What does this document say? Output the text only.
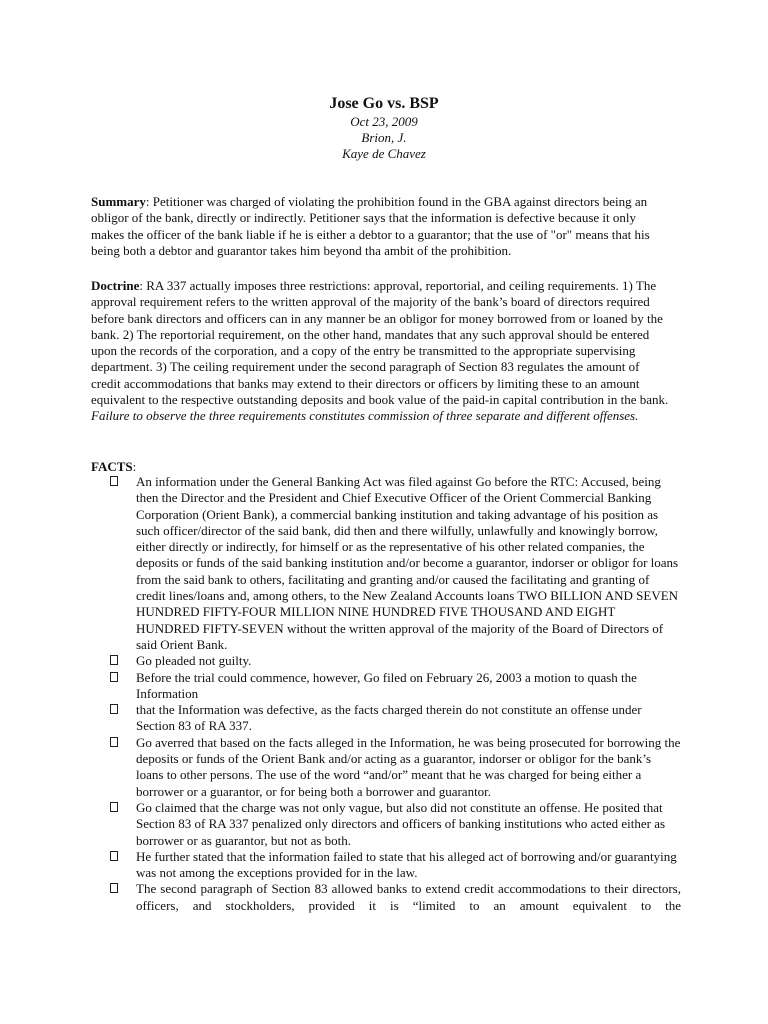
Jose Go vs. BSP
Oct 23, 2009
Brion, J.
Kaye de Chavez

Summary: Petitioner was charged of violating the prohibition found in the GBA against directors being an obligor of the bank, directly or indirectly. Petitioner says that the information is defective because it only makes the officer of the bank liable if he is either a debtor to a guarantor; that the use of "or" means that his being both a debtor and guarantor takes him beyond tha ambit of the prohibition.

Doctrine: RA 337 actually imposes three restrictions: approval, reportorial, and ceiling requirements. 1) The approval requirement refers to the written approval of the majority of the bank’s board of directors required before bank directors and officers can in any manner be an obligor for money borrowed from or loaned by the bank. 2) The reportorial requirement, on the other hand, mandates that any such approval should be entered upon the records of the corporation, and a copy of the entry be transmitted to the appropriate supervising department. 3) The ceiling requirement under the second paragraph of Section 83 regulates the amount of credit accommodations that banks may extend to their directors or officers by limiting these to an amount equivalent to the respective outstanding deposits and book value of the paid-in capital contribution in the bank. Failure to observe the three requirements constitutes commission of three separate and different offenses.

FACTS:
An information under the General Banking Act was filed against Go before the RTC: Accused, being then the Director and the President and Chief Executive Officer of the Orient Commercial Banking Corporation (Orient Bank), a commercial banking institution and taking advantage of his position as such officer/director of the said bank, did then and there wilfully, unlawfully and knowingly borrow, either directly or indirectly, for himself or as the representative of his other related companies, the deposits or funds of the said banking institution and/or become a guarantor, indorser or obligor for loans from the said bank to others, facilitating and granting and/or caused the facilitating and granting of credit lines/loans and, among others, to the New Zealand Accounts loans TWO BILLION AND SEVEN HUNDRED FIFTY-FOUR MILLION NINE HUNDRED FIVE THOUSAND AND EIGHT HUNDRED FIFTY-SEVEN without the written approval of the majority of the Board of Directors of said Orient Bank.
Go pleaded not guilty.
Before the trial could commence, however, Go filed on February 26, 2003 a motion to quash the Information
that the Information was defective, as the facts charged therein do not constitute an offense under Section 83 of RA 337.
Go averred that based on the facts alleged in the Information, he was being prosecuted for borrowing the deposits or funds of the Orient Bank and/or acting as a guarantor, indorser or obligor for the bank’s loans to other persons. The use of the word “and/or” meant that he was charged for being either a borrower or a guarantor, or for being both a borrower and guarantor.
Go claimed that the charge was not only vague, but also did not constitute an offense. He posited that Section 83 of RA 337 penalized only directors and officers of banking institutions who acted either as borrower or as guarantor, but not as both.
He further stated that the information failed to state that his alleged act of borrowing and/or guarantying was not among the exceptions provided for in the law.
The second paragraph of Section 83 allowed banks to extend credit accommodations to their directors, officers, and stockholders, provided it is “limited to an amount equivalent to the
